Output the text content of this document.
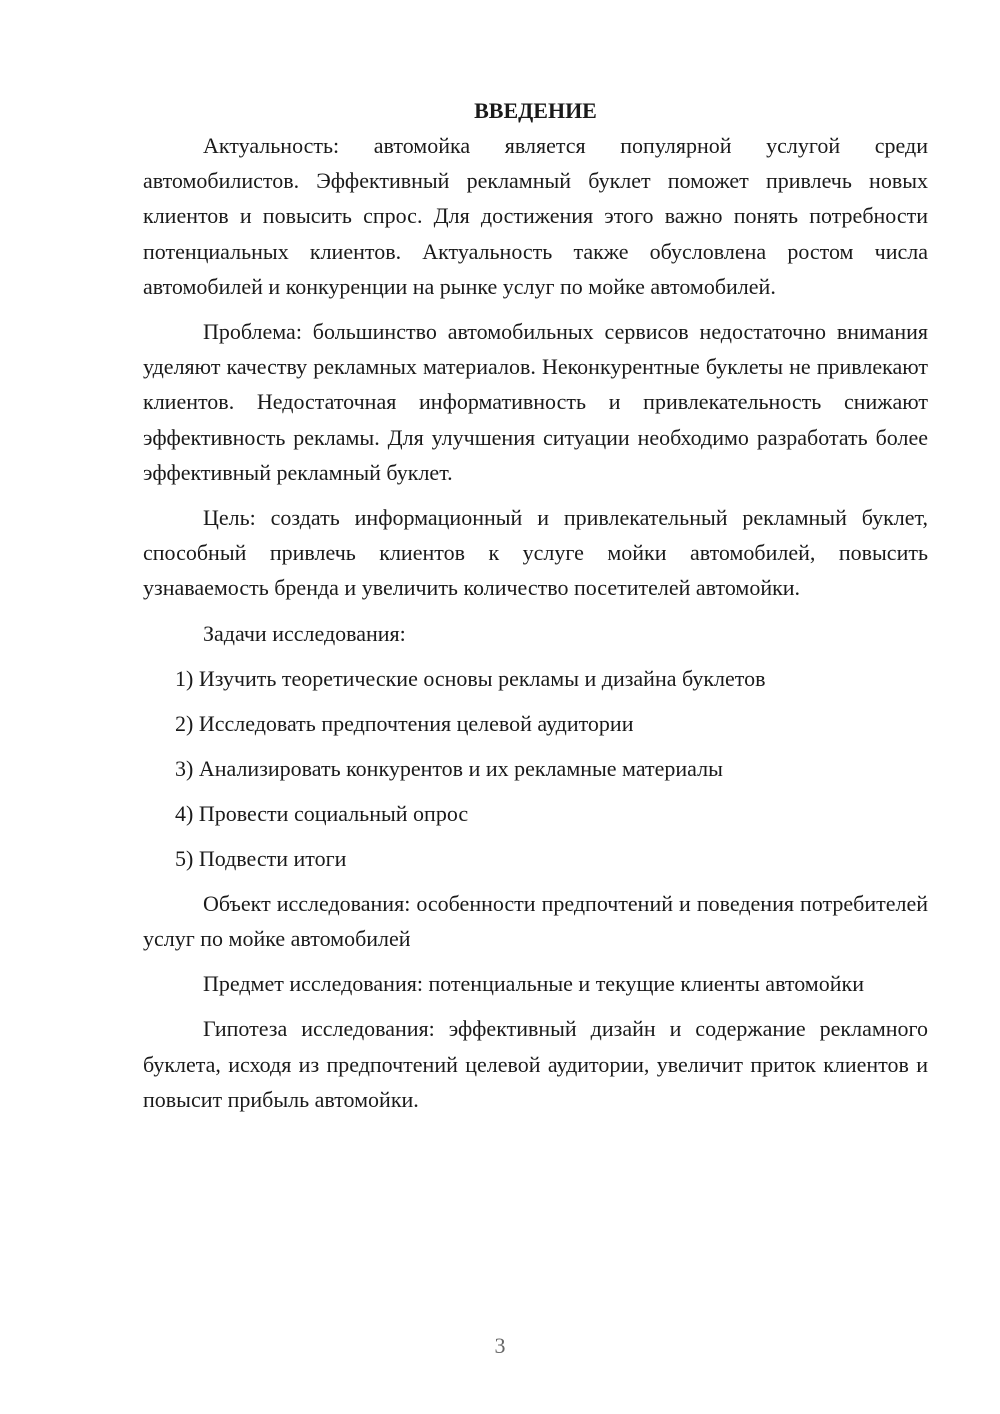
ВВЕДЕНИЕ

Актуальность: автомойка является популярной услугой среди автомобилистов. Эффективный рекламный буклет поможет привлечь новых клиентов и повысить спрос. Для достижения этого важно понять потребности потенциальных клиентов. Актуальность также обусловлена ростом числа автомобилей и конкуренции на рынке услуг по мойке автомобилей.

Проблема: большинство автомобильных сервисов недостаточно внимания уделяют качеству рекламных материалов. Неконкурентные буклеты не привлекают клиентов. Недостаточная информативность и привлекательность снижают эффективность рекламы. Для улучшения ситуации необходимо разработать более эффективный рекламный буклет.

Цель: создать информационный и привлекательный рекламный буклет, способный привлечь клиентов к услуге мойки автомобилей, повысить узнаваемость бренда и увеличить количество посетителей автомойки.

Задачи исследования:

1) Изучить теоретические основы рекламы и дизайна буклетов

2) Исследовать предпочтения целевой аудитории

3) Анализировать конкурентов и их рекламные материалы

4) Провести социальный опрос

5) Подвести итоги

Объект исследования: особенности предпочтений и поведения потребителей услуг по мойке автомобилей

Предмет исследования: потенциальные и текущие клиенты автомойки

Гипотеза исследования: эффективный дизайн и содержание рекламного буклета, исходя из предпочтений целевой аудитории, увеличит приток клиентов и повысит прибыль автомойки.

3
